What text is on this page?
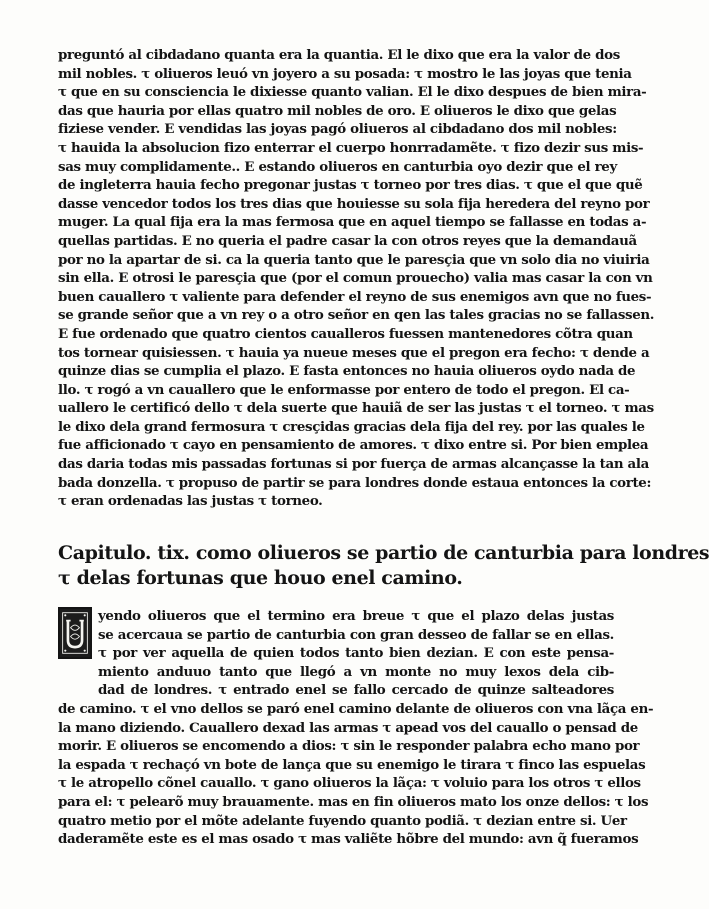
preguntó al cibdadano quanta era la quantia. El le dixo que era la valor de dos
mil nobles. τ oliueros leuó vn joyero a su posada: τ mostro le las joyas que tenia
τ que en su consciencia le dixiesse quanto valian. El le dixo despues de bien mira-
das que hauria por ellas quatro mil nobles de oro. E oliueros le dixo que gelas
fiziese vender. E vendidas las joyas pagó oliueros al cibdadano dos mil nobles:
τ hauida la absolucion fizo enterrar el cuerpo honrradamẽte. τ fizo dezir sus mis-
sas muy complidamente.. E estando oliueros en canturbia oyo dezir que el rey
de ingleterra hauia fecho pregonar justas τ torneo por tres dias. τ que el que quẽ
dasse vencedor todos los tres dias que houiesse su sola fija heredera del reyno por
muger. La qual fija era la mas fermosa que en aquel tiempo se fallasse en todas a-
quellas partidas. E no queria el padre casar la con otros reyes que la demandauã
por no la apartar de si. ca la queria tanto que le paresçia que vn solo dia no viuiria
sin ella. E otrosi le paresçia que (por el comun prouecho) valia mas casar la con vn
buen cauallero τ valiente para defender el reyno de sus enemigos avn que no fues-
se grande señor que a vn rey o a otro señor en qen las tales gracias no se fallassen.
E fue ordenado que quatro cientos caualleros fuessen mantenedores cõtra quan
tos tornear quisiessen. τ hauia ya nueue meses que el pregon era fecho: τ dende a
quinze dias se cumplia el plazo. E fasta entonces no hauia oliueros oydo nada de
llo. τ rogó a vn cauallero que le enformasse por entero de todo el pregon. El ca-
uallero le certificó dello τ dela suerte que hauiã de ser las justas τ el torneo. τ mas
le dixo dela grand fermosura τ cresçidas gracias dela fija del rey. por las quales le
fue afficionado τ cayo en pensamiento de amores. τ dixo entre si. Por bien emplea
das daria todas mis passadas fortunas si por fuerça de armas alcançasse la tan ala
bada donzella. τ propuso de partir se para londres donde estaua entonces la corte:
τ eran ordenadas las justas τ torneo.
Capitulo. tix. como oliueros se partio de canturbia para londres
τ delas fortunas que houo enel camino.
yendo oliueros que el termino era breue τ que el plazo delas justas
se acercaua se partio de canturbia con gran desseo de fallar se en ellas.
τ por ver aquella de quien todos tanto bien dezian. E con este pensa-
miento anduuo tanto que llegó a vn monte no muy lexos dela cib-
dad de londres. τ entrado enel se fallo cercado de quinze salteadores
de camino. τ el vno dellos se paró enel camino delante de oliueros con vna lãça en-
la mano diziendo. Cauallero dexad las armas τ apead vos del cauallo o pensad de
morir. E oliueros se encomendo a dios: τ sin le responder palabra echo mano por
la espada τ rechaçó vn bote de lança que su enemigo le tirara τ finco las espuelas
τ le atropello cõnel cauallo. τ gano oliueros la lãça: τ voluio para los otros τ ellos
para el: τ pelearõ muy brauamente. mas en fin oliueros mato los onze dellos: τ los
quatro metio por el mõte adelante fuyendo quanto podiã. τ dezian entre si. Uer
daderamẽte este es el mas osado τ mas valiẽte hõbre del mundo: avn q̃ fueramos
